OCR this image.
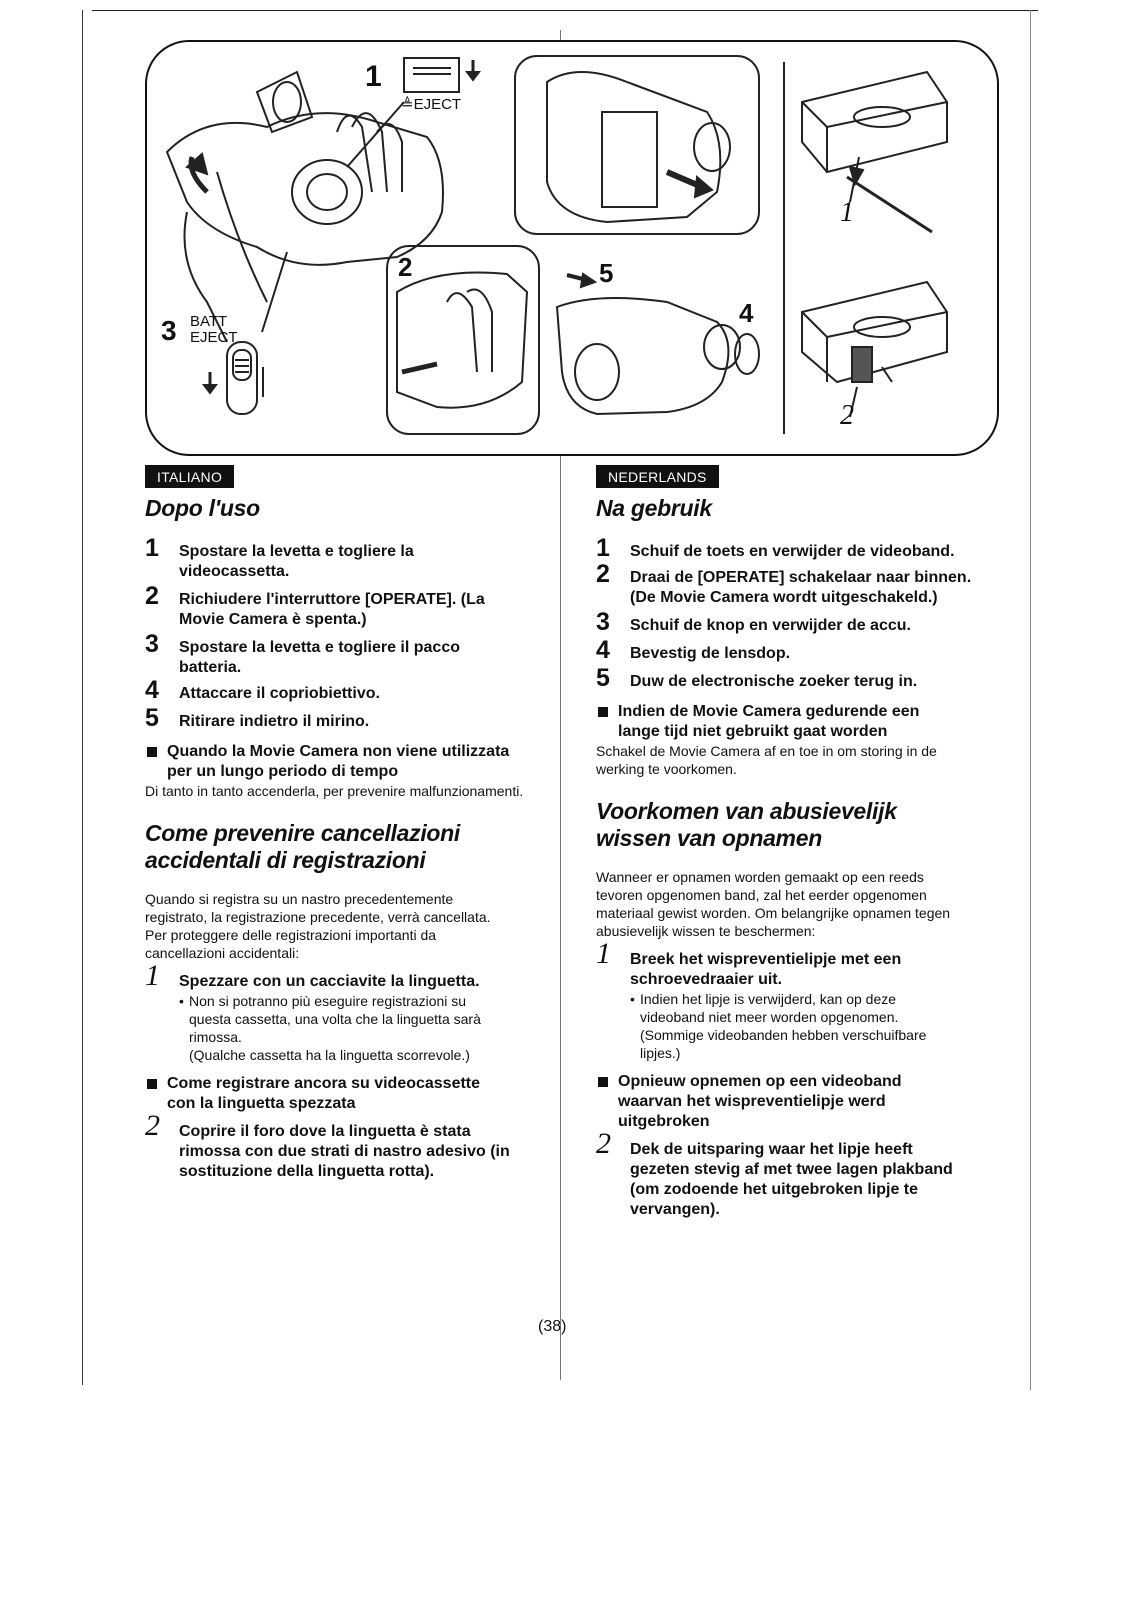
1
≜EJECT
2
3 BATT
EJECT
4
5
1
2
ITALIANO
Dopo l'uso

1 Spostare la levetta e togliere la videocassetta.

2 Richiudere l'interruttore [OPERATE]. (La Movie Camera è spenta.)

3 Spostare la levetta e togliere il pacco batteria.

4 Attaccare il copriobiettivo.

5 Ritirare indietro il mirino.

Quando la Movie Camera non viene utilizzata per un lungo periodo di tempo

Di tanto in tanto accenderla, per prevenire malfunzionamenti.

Come prevenire cancellazioni accidentali di registrazioni

Quando si registra su un nastro precedentemente registrato, la registrazione precedente, verrà cancellata. Per proteggere delle registrazioni importanti da cancellazioni accidentali:

1 Spezzare con un cacciavite la linguetta.

• Non si potranno più eseguire registrazioni su questa cassetta, una volta che la linguetta sarà rimossa.

(Qualche cassetta ha la linguetta scorrevole.)

Come registrare ancora su videocassette con la linguetta spezzata

2 Coprire il foro dove la linguetta è stata rimossa con due strati di nastro adesivo (in sostituzione della linguetta rotta).

NEDERLANDS
Na gebruik

1 Schuif de toets en verwijder de videoband.

2 Draai de [OPERATE] schakelaar naar binnen. (De Movie Camera wordt uitgeschakeld.)

3 Schuif de knop en verwijder de accu.

4 Bevestig de lensdop.

5 Duw de electronische zoeker terug in.

Indien de Movie Camera gedurende een lange tijd niet gebruikt gaat worden

Schakel de Movie Camera af en toe in om storing in de werking te voorkomen.

Voorkomen van abusievelijk wissen van opnamen

Wanneer er opnamen worden gemaakt op een reeds tevoren opgenomen band, zal het eerder opgenomen materiaal gewist worden. Om belangrijke opnamen tegen abusievelijk wissen te beschermen:

1 Breek het wispreventielipje met een schroevedraaier uit.

• Indien het lipje is verwijderd, kan op deze videoband niet meer worden opgenomen.

(Sommige videobanden hebben verschuifbare lipjes.)

Opnieuw opnemen op een videoband waarvan het wispreventielipje werd uitgebroken

2 Dek de uitsparing waar het lipje heeft gezeten stevig af met twee lagen plakband (om zodoende het uitgebroken lipje te vervangen).

(38)
